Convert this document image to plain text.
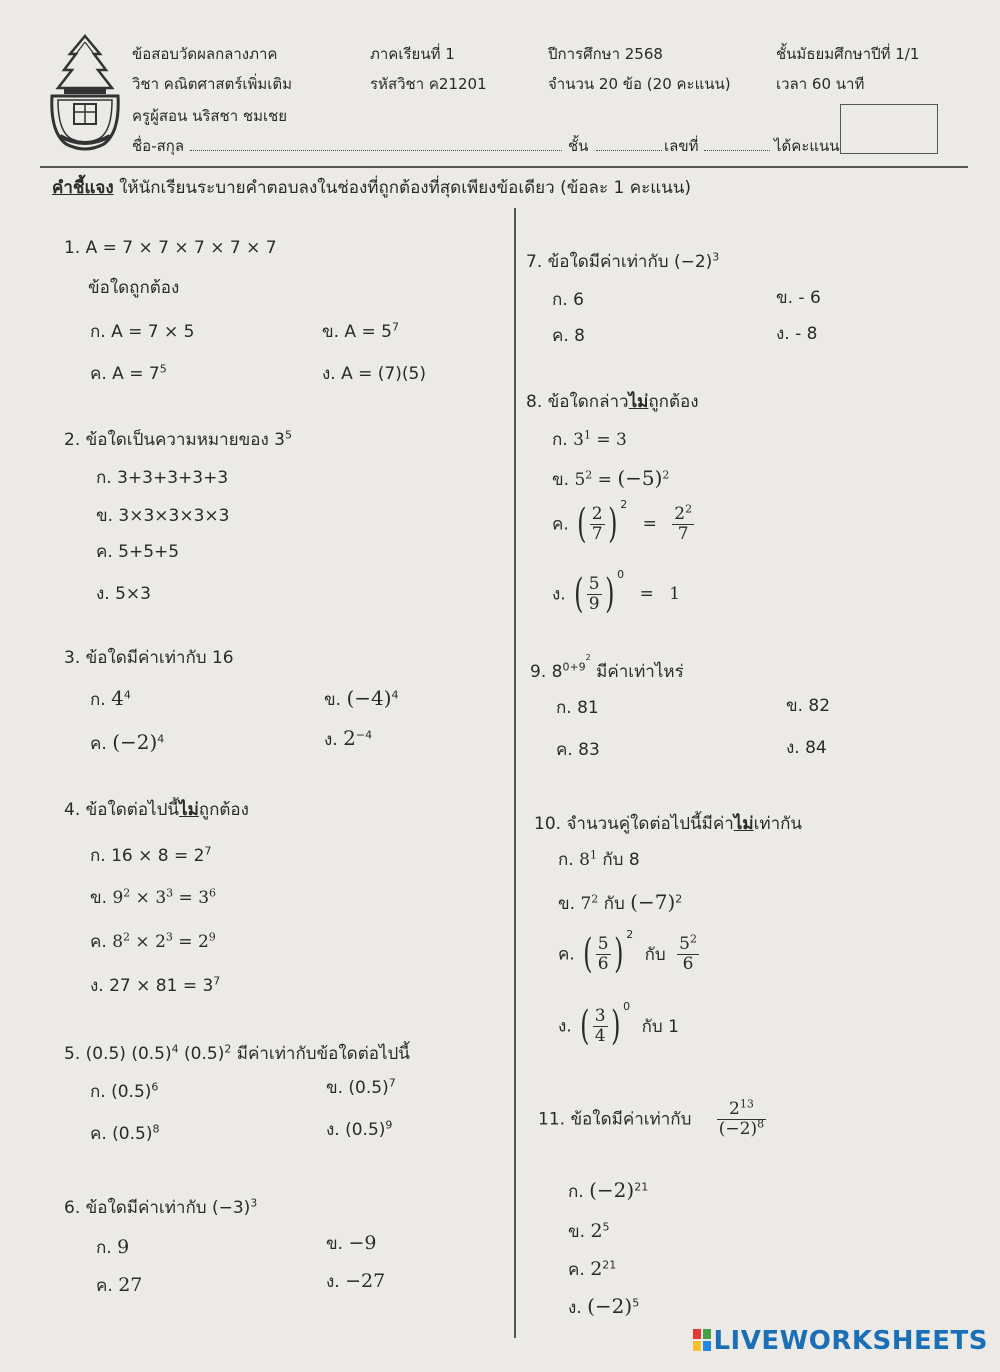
ข้อสอบวัดผลกลางภาค	ภาคเรียนที่ 1	ปีการศึกษา 2568	ชั้นมัธยมศึกษาปีที่ 1/1
วิชา คณิตศาสตร์เพิ่มเติม	รหัสวิชา ค21201	จำนวน 20 ข้อ (20 คะแนน)	เวลา 60 นาที
ครูผู้สอน นริสชา ชมเชย
ชื่อ-สกุล	ชั้น	เลขที่	ได้คะแนน
คำชี้แจง ให้นักเรียนระบายคำตอบลงในช่องที่ถูกต้องที่สุดเพียงข้อเดียว (ข้อละ 1 คะแนน)
1. A = 7 × 7 × 7 × 7 × 7
ข้อใดถูกต้อง
ก. A = 7 × 5	ข. $A = 5^7$
ค. $A = 7^5$	ง. A = (7)(5)
2. ข้อใดเป็นความหมายของ $3^5$
ก. 3+3+3+3+3
ข. 3×3×3×3×3
ค. 5+5+5
ง. 5×3
3. ข้อใดมีค่าเท่ากับ 16
ก. $4^4$	ข. $(-4)^4$
ค. $(-2)^4$	ง. $2^{-4}$
4. ข้อใดต่อไปนี้ไม่ถูกต้อง
ก. $16 \times 8 = 2^7$
ข. $9^2 \times 3^3 = 3^6$
ค. $8^2 \times 2^3 = 2^9$
ง. $27 \times 81 = 3^7$
5. (0.5) $(0.5)^4$ $(0.5)^2$ มีค่าเท่ากับข้อใดต่อไปนี้
ก. $(0.5)^6$	ข. $(0.5)^7$
ค. $(0.5)^8$	ง. $(0.5)^9$
6. ข้อใดมีค่าเท่ากับ $(-3)^3$
ก. 9	ข. −9
ค. 27	ง. −27
7. ข้อใดมีค่าเท่ากับ $(-2)^3$
ก. 6	ข. - 6
ค. 8	ง. - 8
8. ข้อใดกล่าวไม่ถูกต้อง
ก. $3^1 = 3$
ข. $5^2 = (-5)^2$
ค. ( $\frac{2}{7}$ ) $^2 = \frac{2^2}{7}$
ง. ( $\frac{5}{9}$ ) $^0$ = 1
9. $8^{0+92}$ มีค่าเท่าไหร่
ก. 81	ข. 82
ค. 83	ง. 84
10. จำนวนคู่ใดต่อไปนี้มีค่าไม่เท่ากัน
ก. $8^1$ กับ 8
ข. $7^2$ กับ $(-7)^2$
ค. ( $\frac{5}{6}$ ) $^2$ กับ $\frac{5^2}{6}$
ง. ( $\frac{3}{4}$ ) $^0$ กับ 1
11. ข้อใดมีค่าเท่ากับ $\frac{2^{13}}{(-2)^8}$
ก. $(-2)^{21}$
ข. $2^5$
ค. $2^{21}$
ง. $(-2)^5$
LIVEWORKSHEETS
